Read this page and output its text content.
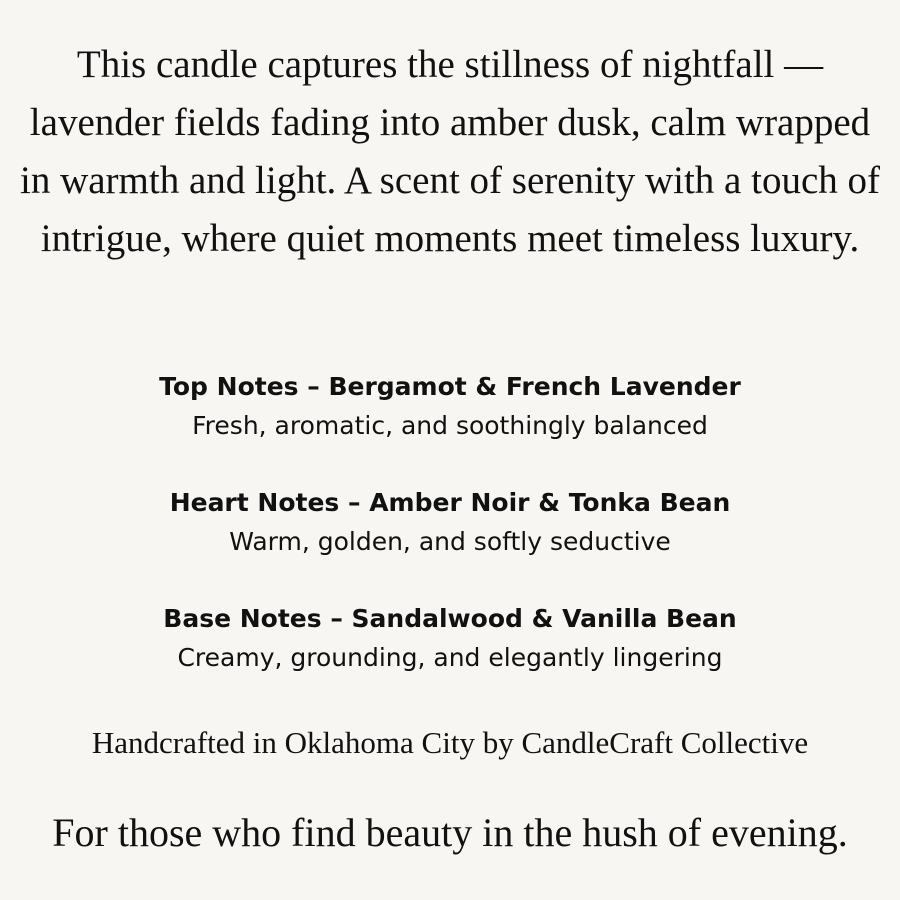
This candle captures the stillness of nightfall — lavender fields fading into amber dusk, calm wrapped in warmth and light. A scent of serenity with a touch of intrigue, where quiet moments meet timeless luxury.

Top Notes – Bergamot & French Lavender
Fresh, aromatic, and soothingly balanced
Heart Notes – Amber Noir & Tonka Bean
Warm, golden, and softly seductive
Base Notes – Sandalwood & Vanilla Bean
Creamy, grounding, and elegantly lingering
Handcrafted in Oklahoma City by CandleCraft Collective
For those who find beauty in the hush of evening.
